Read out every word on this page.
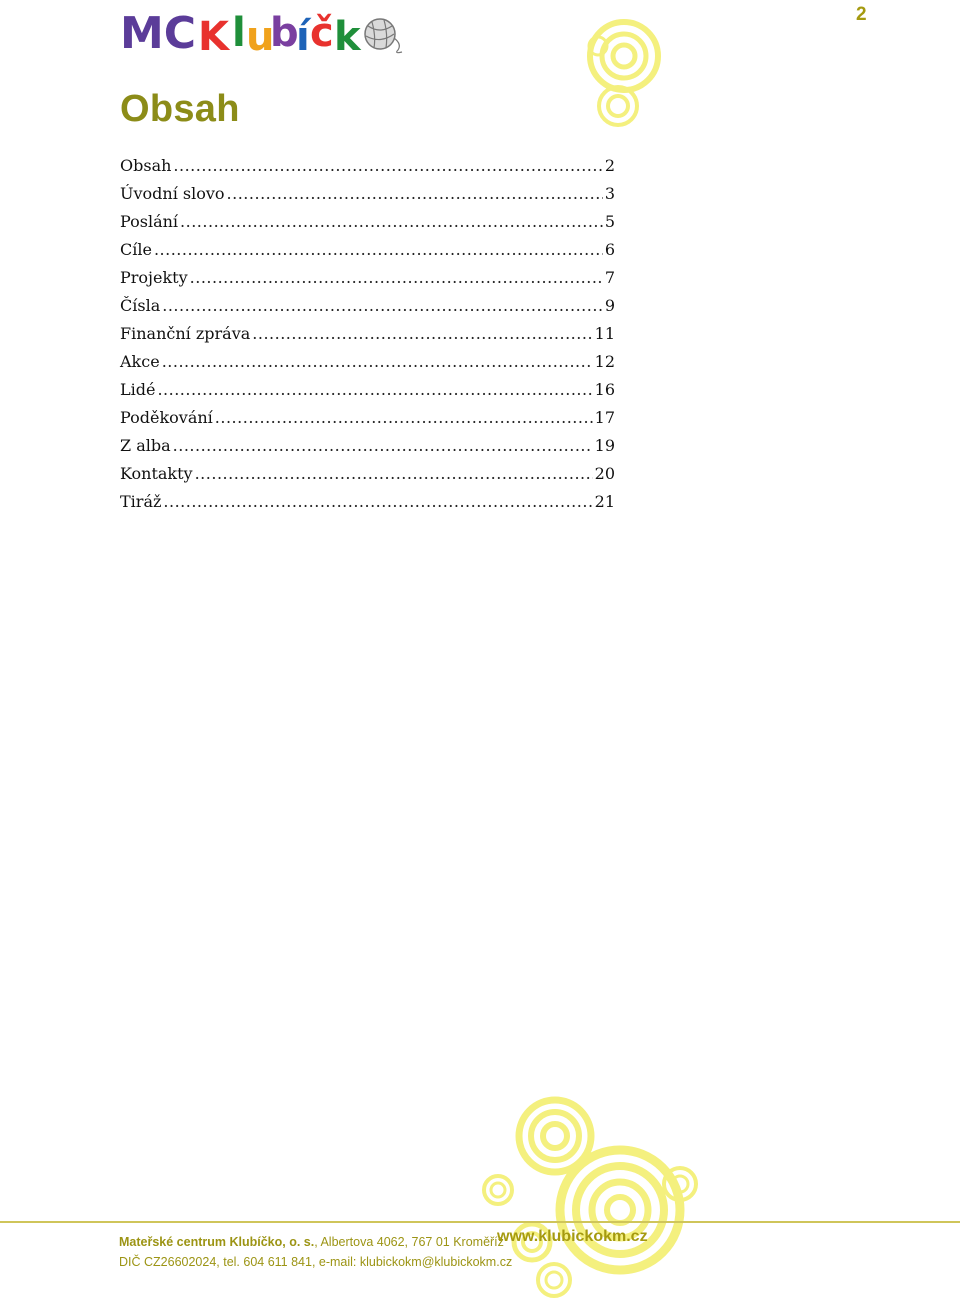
2
MC K l u
b
í č k
Obsah
Obsah .....	2
Úvodní slovo .....	3
Poslání .....	5
Cíle .....	6
Projekty .....	7
Čísla .....	9
Finanční zpráva .....	11
Akce .....	12
Lidé .....	16
Poděkování .....	17
Z alba .....	19
Kontakty .....	20
Tiráž .....	21
Mateřské centrum Klubíčko, o. s., Albertova 4062, 767 01 Kroměříž
DIČ CZ26602024, tel. 604 611 841, e-mail: klubickokm@klubickokm.cz
www.klubickokm.cz
